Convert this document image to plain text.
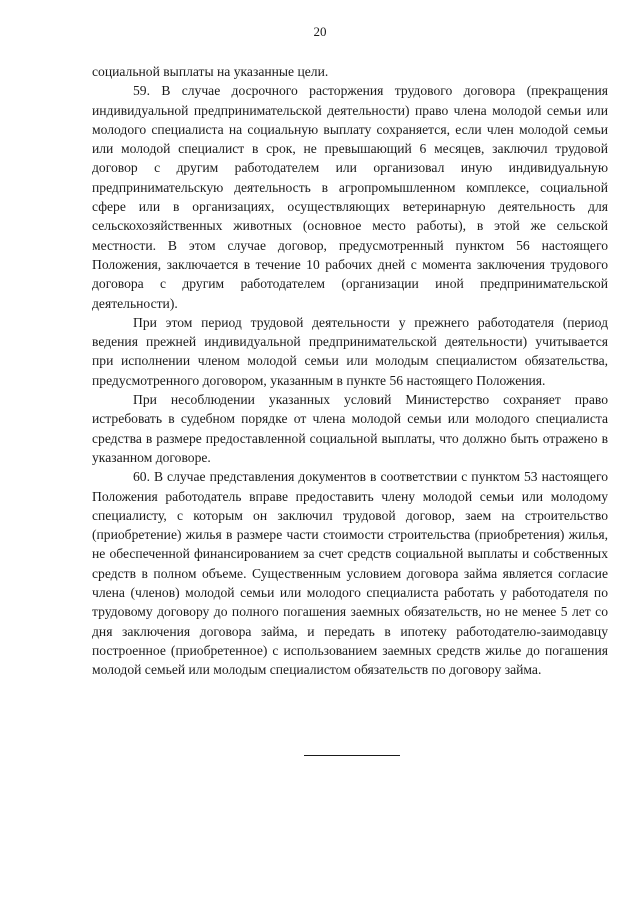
20

социальной выплаты на указанные цели.

59. В случае досрочного расторжения трудового договора (прекращения индивидуальной предпринимательской деятельности) право члена молодой семьи или молодого специалиста на социальную выплату сохраняется, если член молодой семьи или молодой специалист в срок, не превышающий 6 месяцев, заключил трудовой договор с другим работодателем или организовал иную индивидуальную предпринимательскую деятельность в агропромышленном комплексе, социальной сфере или в организациях, осуществляющих ветеринарную деятельность для сельскохозяйственных животных (основное место работы), в этой же сельской местности. В этом случае договор, предусмотренный пунктом 56 настоящего Положения, заключается в течение 10 рабочих дней с момента заключения трудового договора с другим работодателем (организации иной предпринимательской деятельности).

При этом период трудовой деятельности у прежнего работодателя (период ведения прежней индивидуальной предпринимательской деятельности) учитывается при исполнении членом молодой семьи или молодым специалистом обязательства, предусмотренного договором, указанным в пункте 56 настоящего Положения.

При несоблюдении указанных условий Министерство сохраняет право истребовать в судебном порядке от члена молодой семьи или молодого специалиста средства в размере предоставленной социальной выплаты, что должно быть отражено в указанном договоре.

60. В случае представления документов в соответствии с пунктом 53 настоящего Положения работодатель вправе предоставить члену молодой семьи или молодому специалисту, с которым он заключил трудовой договор, заем на строительство (приобретение) жилья в размере части стоимости строительства (приобретения) жилья, не обеспеченной финансированием за счет средств социальной выплаты и собственных средств в полном объеме. Существенным условием договора займа является согласие члена (членов) молодой семьи или молодого специалиста работать у работодателя по трудовому договору до полного погашения заемных обязательств, но не менее 5 лет со дня заключения договора займа, и передать в ипотеку работодателю-заимодавцу построенное (приобретенное) с использованием заемных средств жилье до погашения молодой семьей или молодым специалистом обязательств по договору займа.
